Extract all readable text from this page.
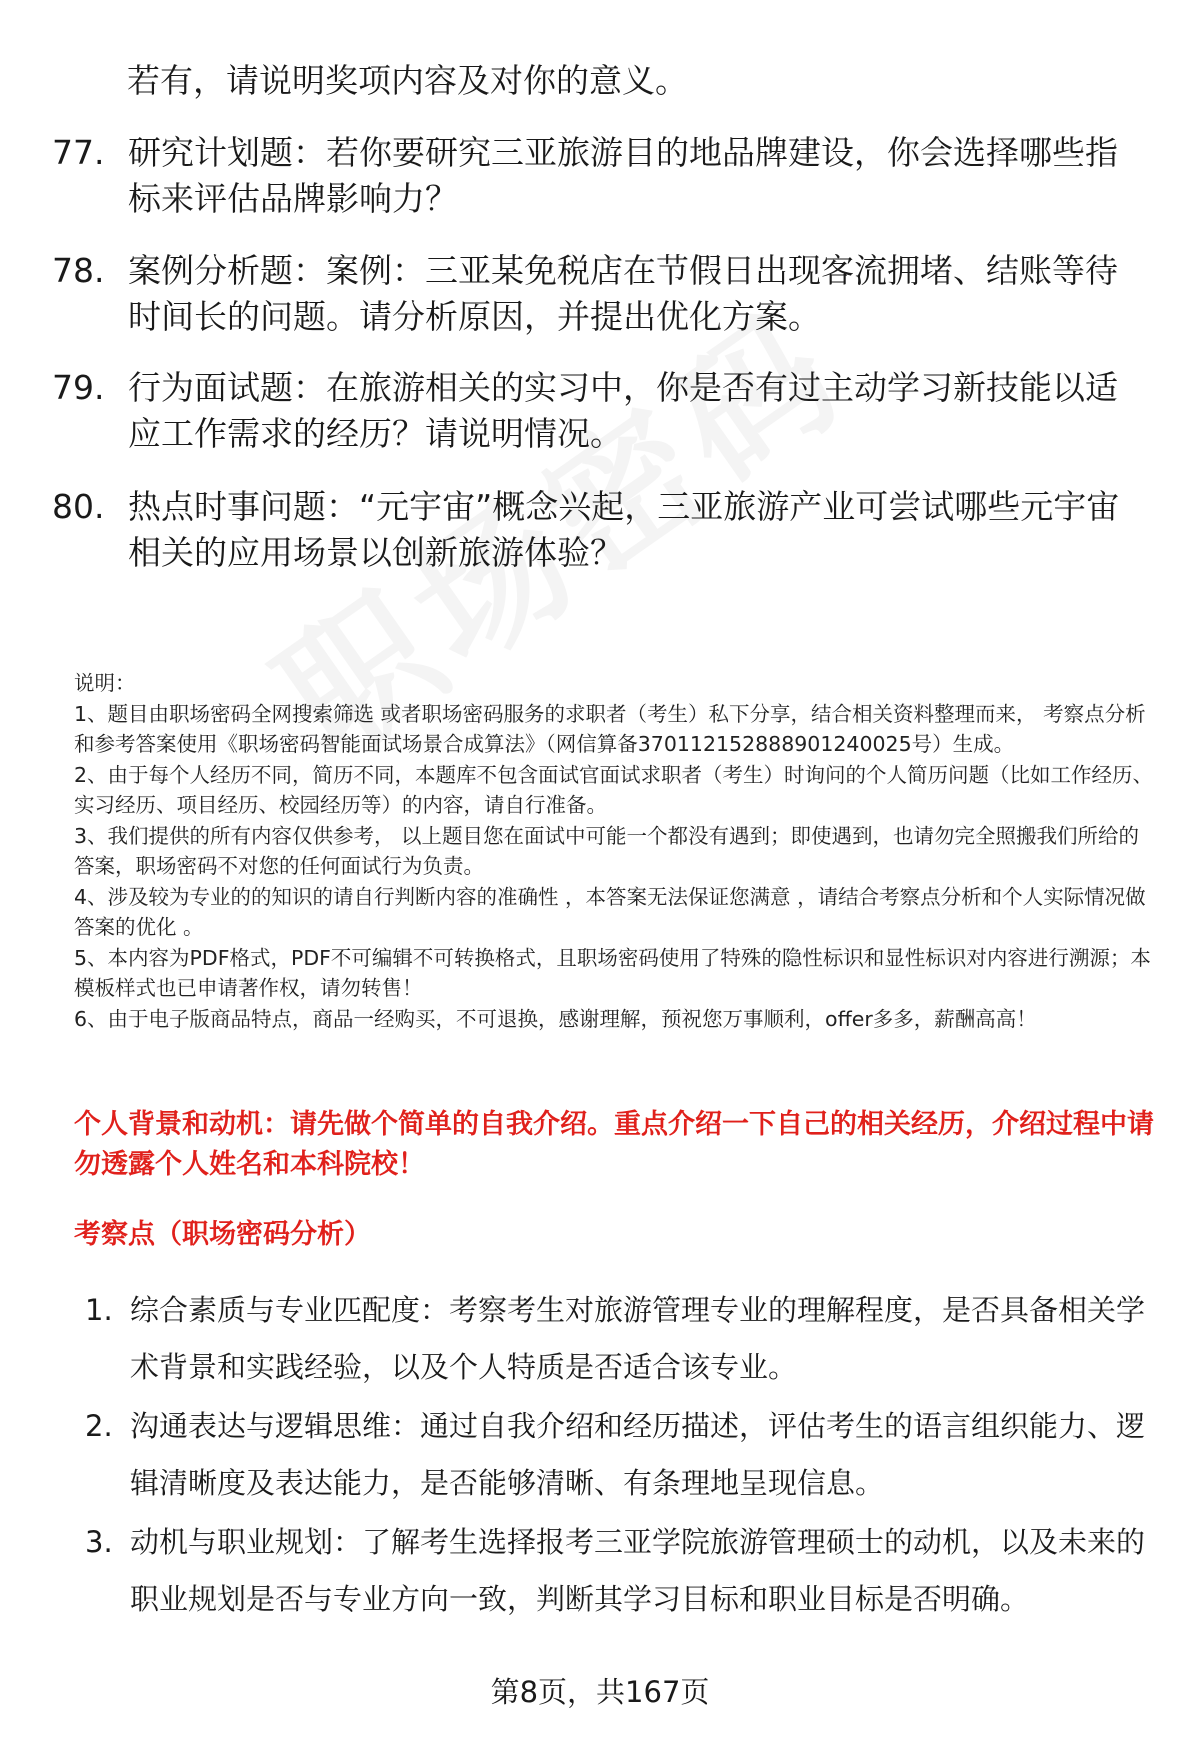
若有，请说明奖项内容及对你的意义。
77. 研究计划题：若你要研究三亚旅游目的地品牌建设，你会选择哪些指标来评估品牌影响力？
78. 案例分析题：案例：三亚某免税店在节假日出现客流拥堵、结账等待时间长的问题。请分析原因，并提出优化方案。
79. 行为面试题：在旅游相关的实习中，你是否有过主动学习新技能以适应工作需求的经历？请说明情况。
80. 热点时事问题：“元宇宙”概念兴起，三亚旅游产业可尝试哪些元宇宙相关的应用场景以创新旅游体验？

说明：

1、题目由职场密码全网搜索筛选 或者职场密码服务的求职者（考生）私下分享，结合相关资料整理而来， 考察点分析和参考答案使用《职场密码智能面试场景合成算法》（网信算备370112152888901240025号）生成。

2、由于每个人经历不同，简历不同，本题库不包含面试官面试求职者（考生）时询问的个人简历问题（比如工作经历、实习经历、项目经历、校园经历等）的内容，请自行准备。

3、我们提供的所有内容仅供参考， 以上题目您在面试中可能一个都没有遇到；即使遇到，也请勿完全照搬我们所给的答案，职场密码不对您的任何面试行为负责。

4、涉及较为专业的的知识的请自行判断内容的准确性 ，本答案无法保证您满意 ，请结合考察点分析和个人实际情况做答案的优化 。

5、本内容为PDF格式，PDF不可编辑不可转换格式，且职场密码使用了特殊的隐性标识和显性标识对内容进行溯源；本模板样式也已申请著作权，请勿转售！

6、由于电子版商品特点，商品一经购买，不可退换，感谢理解，预祝您万事顺利，offer多多，薪酬高高！

个人背景和动机：请先做个简单的自我介绍。重点介绍一下自己的相关经历，介绍过程中请勿透露个人姓名和本科院校！
考察点（职场密码分析）
1. 综合素质与专业匹配度：考察考生对旅游管理专业的理解程度，是否具备相关学术背景和实践经验，以及个人特质是否适合该专业。
2. 沟通表达与逻辑思维：通过自我介绍和经历描述，评估考生的语言组织能力、逻辑清晰度及表达能力，是否能够清晰、有条理地呈现信息。
3. 动机与职业规划：了解考生选择报考三亚学院旅游管理硕士的动机，以及未来的职业规划是否与专业方向一致，判断其学习目标和职业目标是否明确。
第8页，共167页
